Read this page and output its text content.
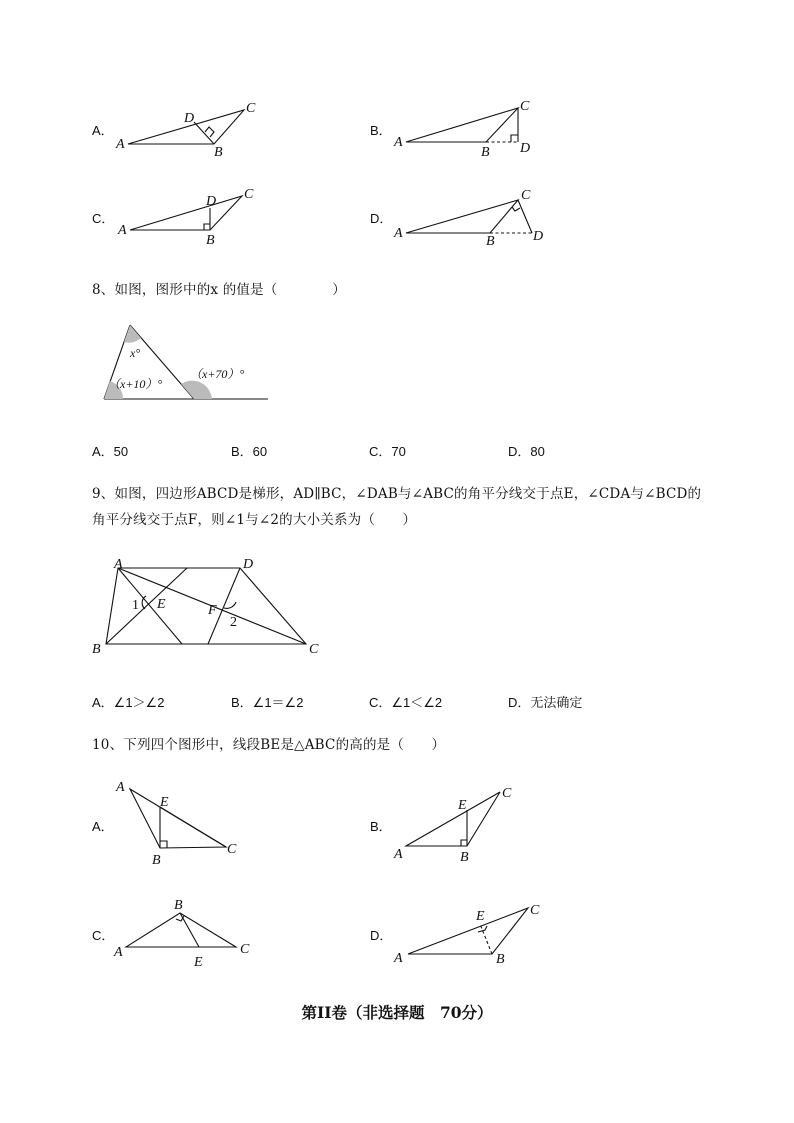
A．
A
B
C
D
B．
A
B
C
D
C．
A
B
C
D
D．
A
B
C
D
8、如图，图形中的x 的值是（　　　　）
x°
（x+10）°
（x+70）°
A．50	B．60	C．70	D．80
9、如图，四边形ABCD是梯形，AD∥BC，∠DAB与∠ABC的角平分线交于点E，∠CDA与∠BCD的
角平分线交于点F，则∠1与∠2的大小关系为（　　）
B
A	D
C
E	F
1
2
A．∠1＞∠2	B．∠1＝∠2	C．∠1＜∠2	D．无法确定
10、下列四个图形中，线段BE是△ABC的高的是（　　）
A．
A
B
C
E
B．
A	B
C
E
C．
A
B
C
E
D．
A	B
C
E
第II卷（非选择题　70分）
